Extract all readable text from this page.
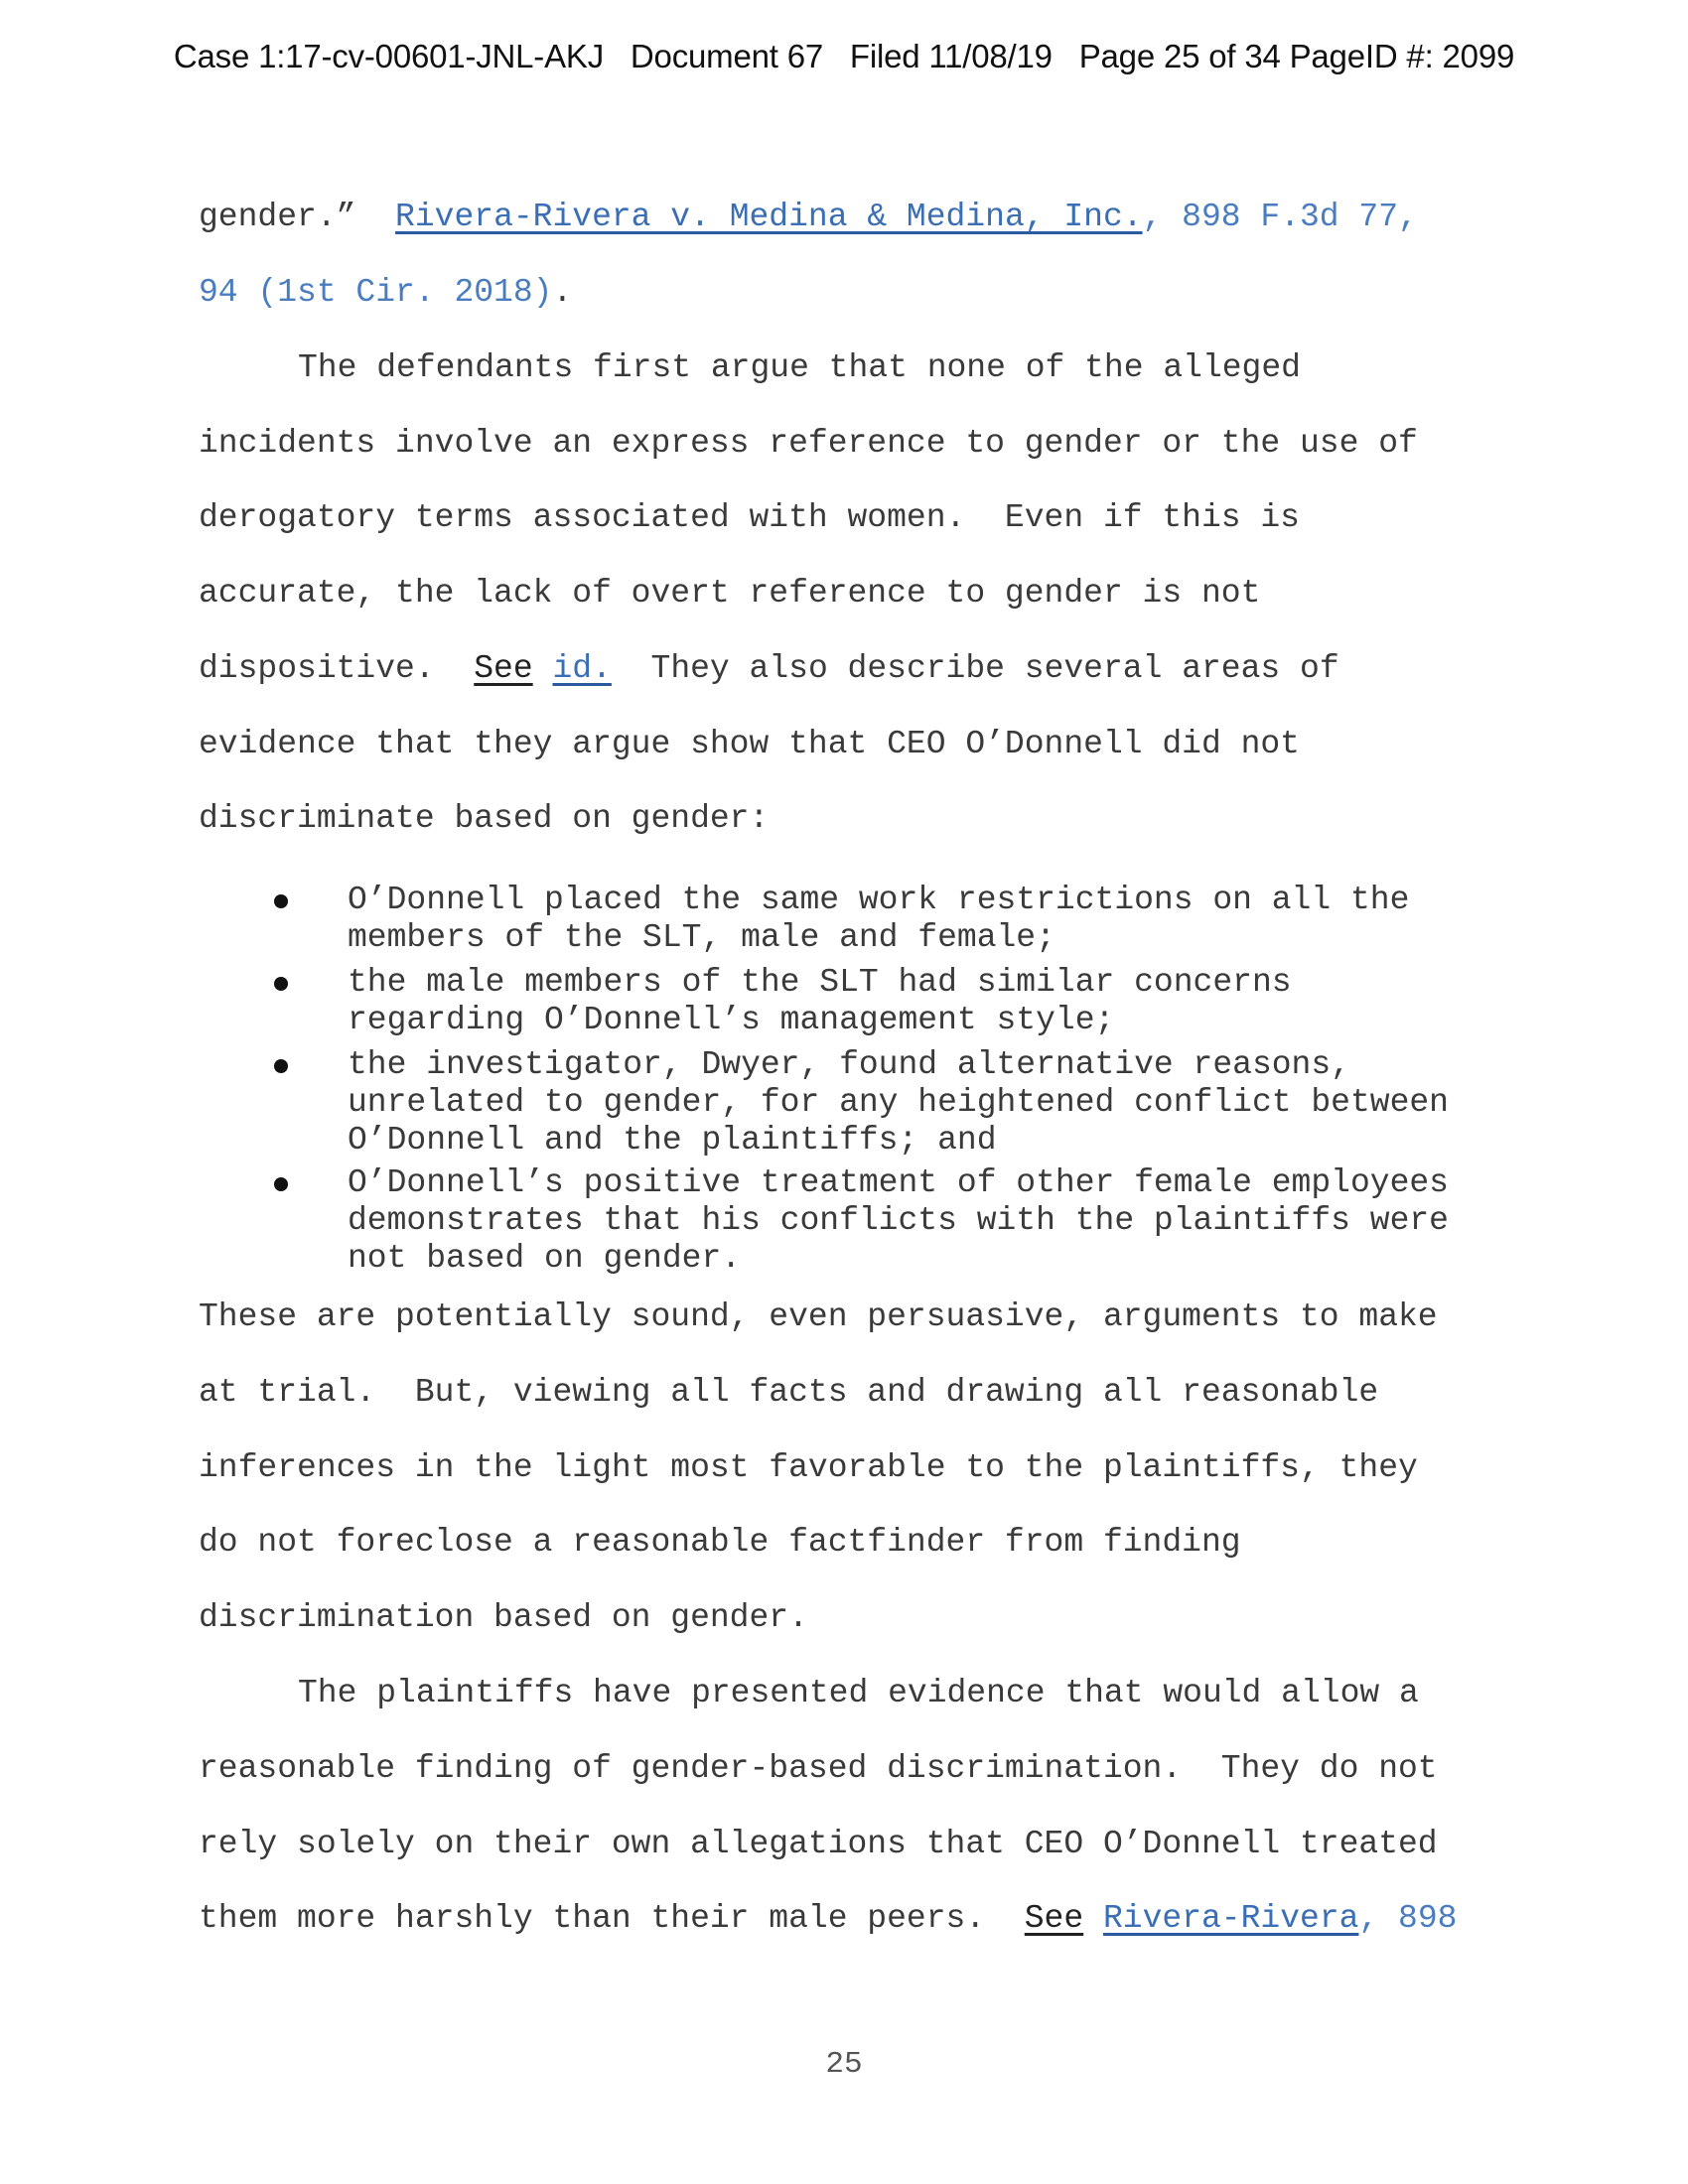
Case 1:17-cv-00601-JNL-AKJ   Document 67   Filed 11/08/19   Page 25 of 34 PageID #: 2099
gender.”  Rivera-Rivera v. Medina & Medina, Inc., 898 F.3d 77,
94 (1st Cir. 2018).
The defendants first argue that none of the alleged
incidents involve an express reference to gender or the use of
derogatory terms associated with women.  Even if this is
accurate, the lack of overt reference to gender is not
dispositive.  See id.  They also describe several areas of
evidence that they argue show that CEO O’Donnell did not
discriminate based on gender:
O’Donnell placed the same work restrictions on all the
members of the SLT, male and female;
the male members of the SLT had similar concerns
regarding O’Donnell’s management style;
the investigator, Dwyer, found alternative reasons,
unrelated to gender, for any heightened conflict between
O’Donnell and the plaintiffs; and
O’Donnell’s positive treatment of other female employees
demonstrates that his conflicts with the plaintiffs were
not based on gender.
These are potentially sound, even persuasive, arguments to make
at trial.  But, viewing all facts and drawing all reasonable
inferences in the light most favorable to the plaintiffs, they
do not foreclose a reasonable factfinder from finding
discrimination based on gender.
The plaintiffs have presented evidence that would allow a
reasonable finding of gender-based discrimination.  They do not
rely solely on their own allegations that CEO O’Donnell treated
them more harshly than their male peers.  See Rivera-Rivera, 898
25
